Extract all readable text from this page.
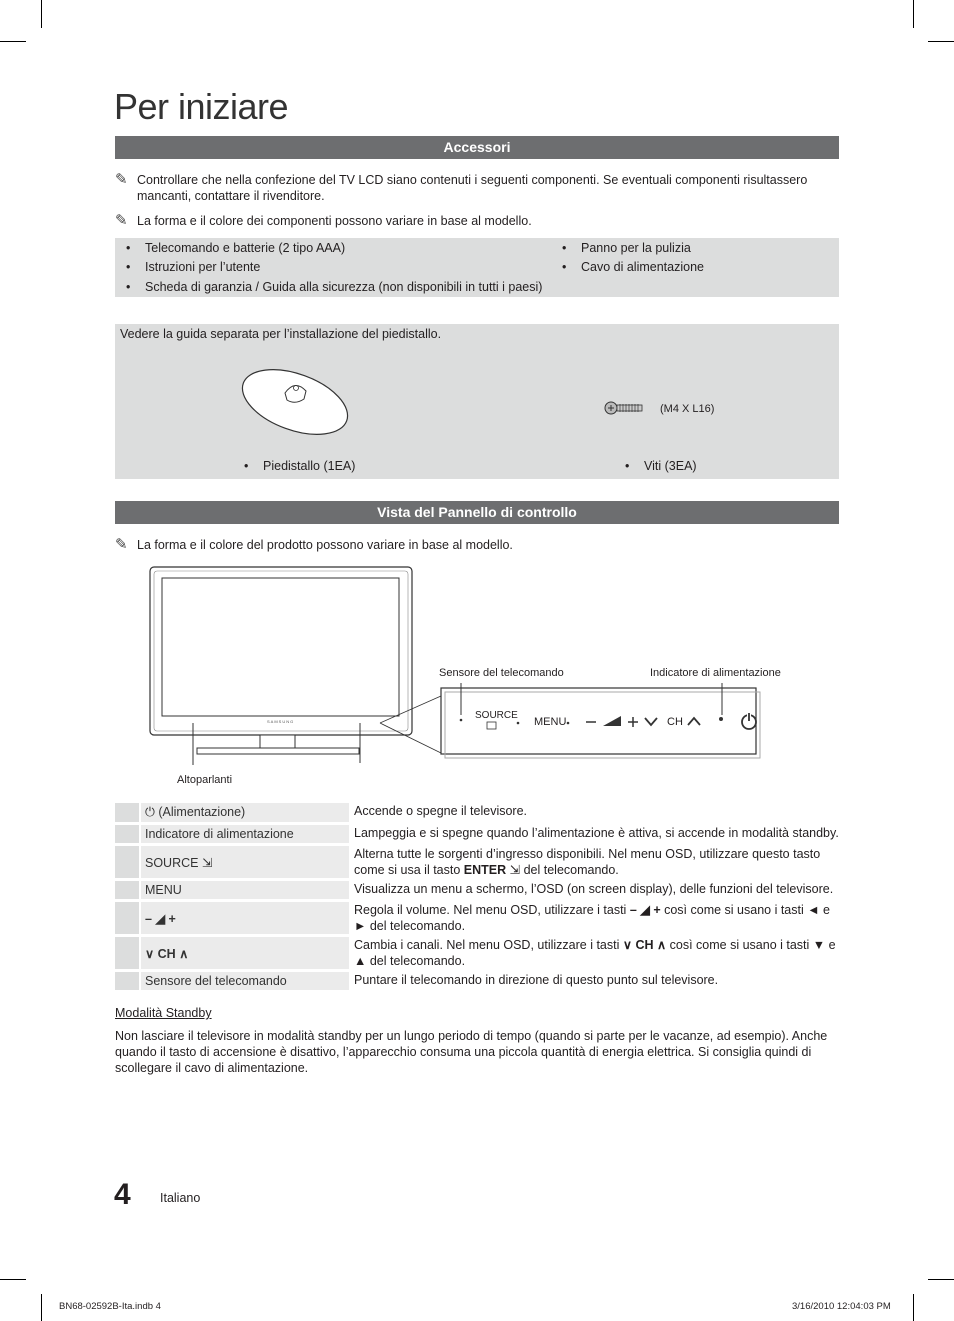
Per iniziare
Accessori
✎ Controllare che nella confezione del TV LCD siano contenuti i seguenti componenti. Se eventuali componenti risultassero mancanti, contattare il rivenditore.
✎ La forma e il colore dei componenti possono variare in base al modello.
• Telecomando e batterie (2 tipo AAA)
• Istruzioni per l’utente
• Scheda di garanzia / Guida alla sicurezza (non disponibili in tutti i paesi)
• Panno per la pulizia
• Cavo di alimentazione
Vedere la guida separata per l’installazione del piedistallo.
(M4 X L16)
• Piedistallo (1EA)	• Viti (3EA)
Vista del Pannello di controllo
✎ La forma e il colore del prodotto possono variare in base al modello.
SAMSUNG
SOURCE
MENU	CH
Sensore del telecomando	Indicatore di alimentazione
Altoparlanti
	⏻ (Alimentazione)	Accende o spegne il televisore.
	Indicatore di alimentazione	Lampeggia e si spegne quando l’alimentazione è attiva, si accende in modalità standby.
	SOURCE ⇲	Alterna tutte le sorgenti d’ingresso disponibili. Nel menu OSD, utilizzare questo tasto come si usa il tasto ENTER ⇲ del telecomando.
	MENU	Visualizza un menu a schermo, l’OSD (on screen display), delle funzioni del televisore.
	– ◢ +	Regola il volume. Nel menu OSD, utilizzare i tasti – ◢ + così come si usano i tasti ◄ e ► del telecomando.
	∨ CH ∧	Cambia i canali. Nel menu OSD, utilizzare i tasti ∨ CH ∧ così come si usano i tasti ▼ e ▲ del telecomando.
	Sensore del telecomando	Puntare il telecomando in direzione di questo punto sul televisore.
Modalità Standby
Non lasciare il televisore in modalità standby per un lungo periodo di tempo (quando si parte per le vacanze, ad esempio). Anche quando il tasto di accensione è disattivo, l’apparecchio consuma una piccola quantità di energia elettrica. Si consiglia quindi di scollegare il cavo di alimentazione.
4 Italiano
BN68-02592B-Ita.indb 4	3/16/2010 12:04:03 PM
